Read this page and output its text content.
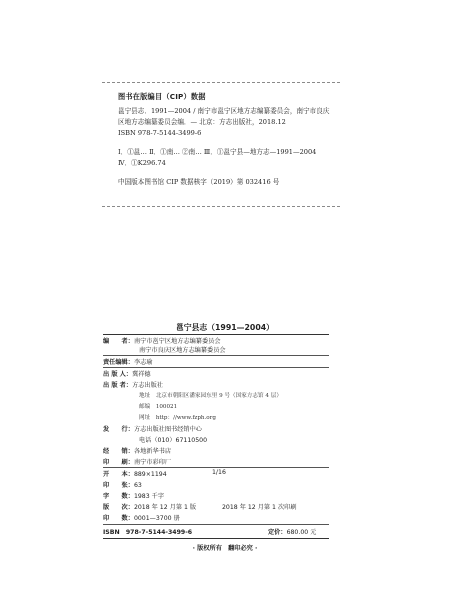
图书在版编目（CIP）数据

邕宁县志．1991—2004 / 南宁市邕宁区地方志编纂委员会，南宁市良庆区地方志编纂委员会编．— 北京：方志出版社，2018.12

ISBN 978-7-5144-3499-6

Ⅰ．①邕… Ⅱ．①南… ②南… Ⅲ．①邕宁县—地方志—1991—2004 Ⅳ．①K296.74

中国版本图书馆 CIP 数据核字（2019）第 032416 号

邕宁县志（1991—2004）
编　　者：南宁市邕宁区地方志编纂委员会
南宁市良庆区地方志编纂委员会
责任编辑：李志瑜
出 版 人：冀祥德
出 版 者：方志出版社
地址　 北京市朝阳区潘家园东里 9 号（国家方志馆 4 层）
邮编　 100021
网址　 http：//www.fzph.org
发　　行：方志出版社图书经销中心
电话（010）67110500
经　　销：各地新华书店
印　　刷：南宁市彩印厂
开　　本：889×1194	1/16
印　　张：63
字　　数：1983 千字
版　　次：2018 年 12 月第 1 版	2018 年 12 月第 1 次印刷
印　　数：0001—3700 册
ISBN　978-7-5144-3499-6	定价：680.00 元
· 版权所有　翻印必究 ·
